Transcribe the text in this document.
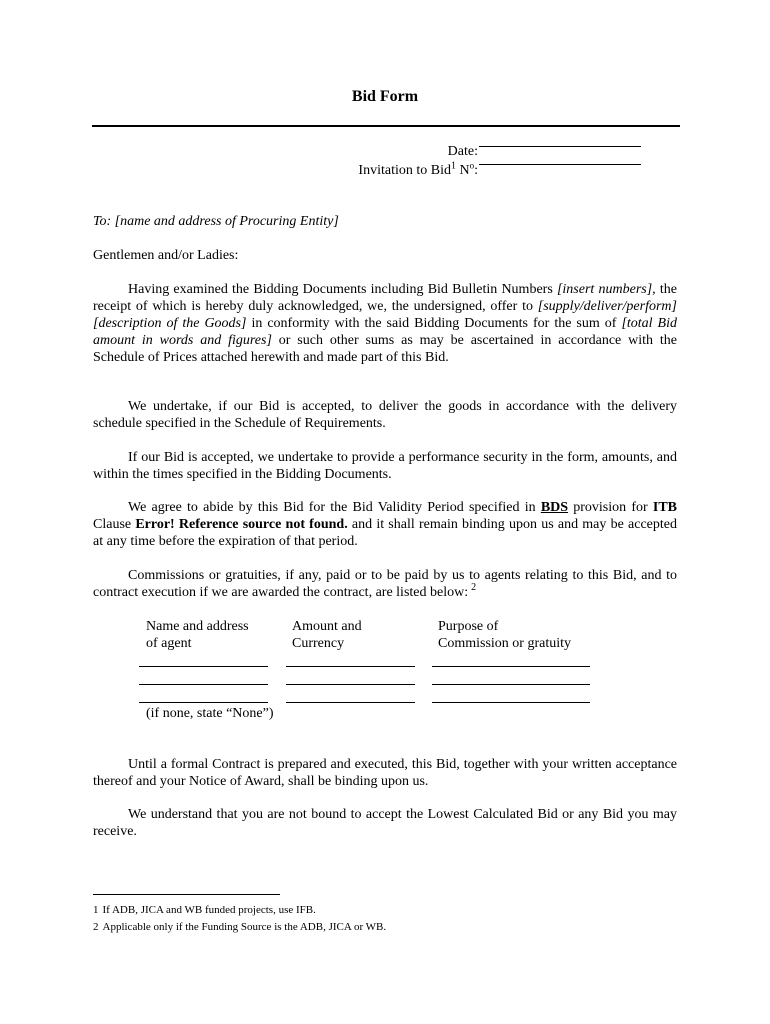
Bid Form
Date:
Invitation to Bid$^1$ $N^o$:
To: [name and address of Procuring Entity]
Gentlemen and/or Ladies:
Having examined the Bidding Documents including Bid Bulletin Numbers [insert numbers], the receipt of which is hereby duly acknowledged, we, the undersigned, offer to [supply/deliver/perform] [description of the Goods] in conformity with the said Bidding Documents for the sum of [total Bid amount in words and figures] or such other sums as may be ascertained in accordance with the Schedule of Prices attached herewith and made part of this Bid.
We undertake, if our Bid is accepted, to deliver the goods in accordance with the delivery schedule specified in the Schedule of Requirements.
If our Bid is accepted, we undertake to provide a performance security in the form, amounts, and within the times specified in the Bidding Documents.
We agree to abide by this Bid for the Bid Validity Period specified in BDS provision for ITB Clause Error! Reference source not found. and it shall remain binding upon us and may be accepted at any time before the expiration of that period.
Commissions or gratuities, if any, paid or to be paid by us to agents relating to this Bid, and to contract execution if we are awarded the contract, are listed below: $^2$
Name and address
of agent
Amount and
Currency
Purpose of
Commission or gratuity
(if none, state “None”)
Until a formal Contract is prepared and executed, this Bid, together with your written acceptance thereof and your Notice of Award, shall be binding upon us.
We understand that you are not bound to accept the Lowest Calculated Bid or any Bid you may receive.
1 If ADB, JICA and WB funded projects, use IFB.
2 Applicable only if the Funding Source is the ADB, JICA or WB.
